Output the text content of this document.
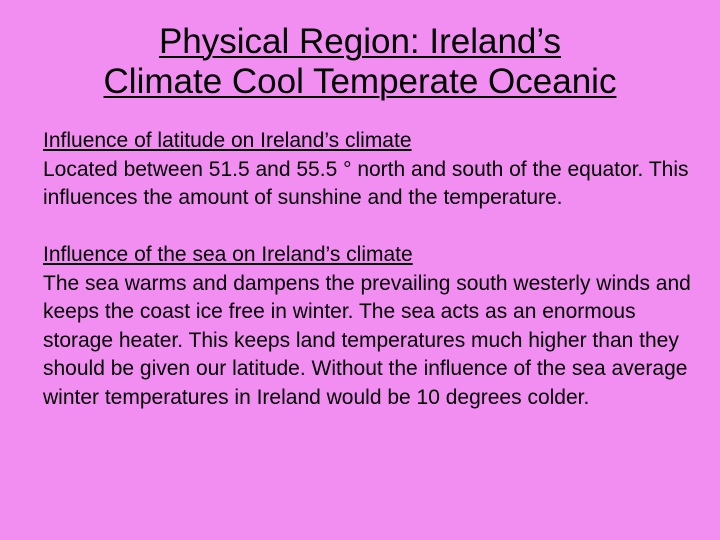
Physical Region: Ireland’s
Climate Cool Temperate Oceanic
Influence of latitude on Ireland’s climate

Located between 51.5 and 55.5 ° north and south of the equator. This influences the amount of sunshine and the temperature.

Influence of the sea on Ireland’s climate

The sea warms and dampens the prevailing south westerly winds and keeps the coast ice free in winter. The sea acts as an enormous storage heater. This keeps land temperatures much higher than they should be given our latitude. Without the influence of the sea average winter temperatures in Ireland would be 10 degrees colder.
